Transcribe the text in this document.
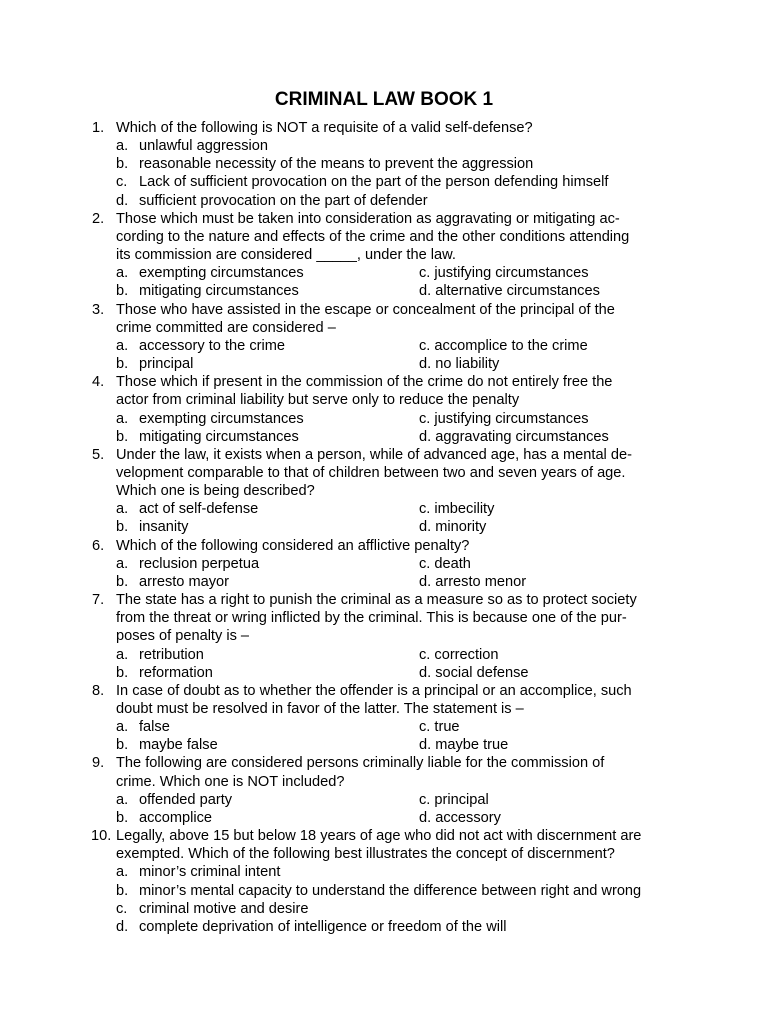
CRIMINAL LAW BOOK 1
1. Which of the following is NOT a requisite of a valid self-defense?
a. unlawful aggression
b. reasonable necessity of the means to prevent the aggression
c. Lack of sufficient provocation on the part of the person defending himself
d. sufficient provocation on the part of defender
2. Those which must be taken into consideration as aggravating or mitigating ac-
cording to the nature and effects of the crime and the other conditions attending
its commission are considered _____, under the law.
a. exempting circumstances	c. justifying circumstances
b. mitigating circumstances	d. alternative circumstances
3. Those who have assisted in the escape or concealment of the principal of the
crime committed are considered –
a. accessory to the crime	c. accomplice to the crime
b. principal	d. no liability
4. Those which if present in the commission of the crime do not entirely free the
actor from criminal liability but serve only to reduce the penalty
a. exempting circumstances	c. justifying circumstances
b. mitigating circumstances	d. aggravating circumstances
5. Under the law, it exists when a person, while of advanced age, has a mental de-
velopment comparable to that of children between two and seven years of age.
Which one is being described?
a. act of self-defense	c. imbecility
b. insanity	d. minority
6. Which of the following considered an afflictive penalty?
a. reclusion perpetua	c. death
b. arresto mayor	d. arresto menor
7. The state has a right to punish the criminal as a measure so as to protect society
from the threat or wring inflicted by the criminal. This is because one of the pur-
poses of penalty is –
a. retribution	c. correction
b. reformation	d. social defense
8. In case of doubt as to whether the offender is a principal or an accomplice, such
doubt must be resolved in favor of the latter. The statement is –
a. false	c. true
b. maybe false	d. maybe true
9. The following are considered persons criminally liable for the commission of
crime. Which one is NOT included?
a. offended party	c. principal
b. accomplice	d. accessory
10. Legally, above 15 but below 18 years of age who did not act with discernment are
exempted. Which of the following best illustrates the concept of discernment?
a. minor’s criminal intent
b. minor’s mental capacity to understand the difference between right and wrong
c. criminal motive and desire
d. complete deprivation of intelligence or freedom of the will
